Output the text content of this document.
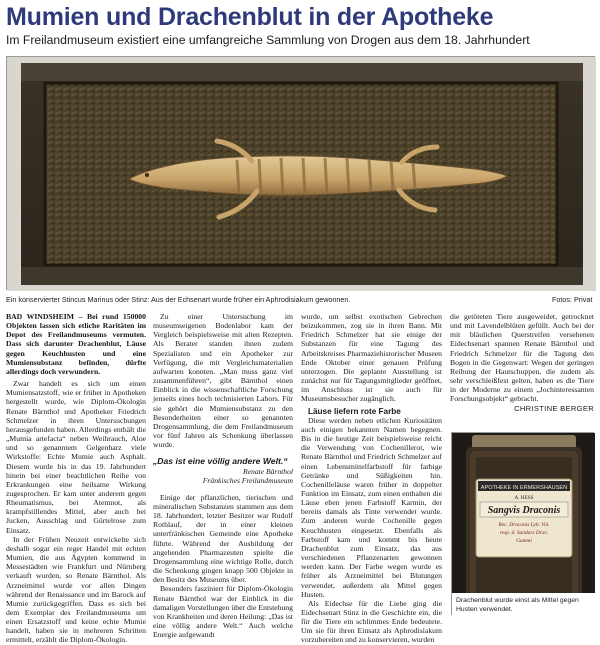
Mumien und Drachenblut in der Apotheke
Im Freilandmuseum existiert eine umfangreiche Sammlung von Drogen aus dem 18. Jahrhundert
Ein konservierter Stincus Marinus oder Stinz: Aus der Echsenart wurde früher ein Aphrodisiakum gewonnen.	Fotos: Privat

BAD WINDSHEIM – Bei rund 150000 Objekten lassen sich etliche Raritäten im Depot des Freilandmuseums vermuten. Dass sich darunter Drachenblut, Läuse gegen Keuchhusten und eine Mumiensubstanz befinden, dürfte allerdings doch verwundern.

Zwar handelt es sich um einen Mumiensatzstoff, wie er früher in Apotheken hergestellt wurde, wie Diplom-Ökologin Renate Bärnthol und Apotheker Friedrich Schmelzer in ihren Untersuchungen herausgefunden haben. Allerdings enthält die „Mumia artefacta“ neben Weihrauch, Aloe und so genanntem Gelgenharz viele Wirkstoffe: Echte Mumie auch Asphalt. Diesem wurde bis in das 19. Jahrhundert hinein bei einer beachtlichen Reihe von Erkrankungen eine heilsame Wirkung zugesprochen. Er kam unter anderem gegen Rheumatismus, bei Atemnot, als krampfstillendes Mittel, aber auch bei Jucken, Ausschlag und Gürtelrose zum Einsatz.

In der Frühen Neuzeit entwickelte sich deshalb sogar ein reger Handel mit echten Mumien, die aus Ägypten kommend in Messestädten wie Frankfurt und Nürnberg verkauft wurden, so Renate Bärnthol. Als Arzneimittel wurde vor allen Dingen während der Renaissance und im Barock auf Mumie zurückgegriffen. Dass es sich bei dem Exemplar des Freilandmuseums um einen Ersatzstoff und keine echte Mumie handelt, haben sie in mehreren Schritten ermittelt, erzählt die Diplom-Ökologin.

Zu einer Untersuchung im museumseigenen Bodenlabor kam der Vergleich beispielsweise mit alten Rezepten. Als Berater standen ihnen zudem Spezialisten und ein Apotheker zur Verfügung, die mit Vergleichsmaterialien aufwarten konnten. „Man muss ganz viel zusammenführen“, gibt Bärnthol einen Einblick in die wissenschaftliche Forschung jenseits eines hoch technisierten Labors. Für sie gehört die Mumiensubstanz zu den Besonderheiten einer so genannten Drogensammlung, die dem Freilandmuseum vor fünf Jahren als Schenkung überlassen wurde.

„Das ist eine völlig andere Welt.“

Renate Bärnthol

Fränkisches Freilandmuseum

Einige der pflanzlichen, tierischen und mineralischen Substanzen stammen aus dem 18. Jahrhundert, letzter Besitzer war Rudolf Rothlauf, der in einer kleinen unterfränkischen Gemeinde eine Apotheke führte. Während der Ausbildung der angehenden Pharmazeuten spielte die Drogensammlung eine wichtige Rolle, durch die Schenkung gingen knapp 500 Objekte in den Besitz des Museums über.

Besonders fasziniert für Diplom-Ökologin Renate Bärnthol war der Einblick in die damaligen Vorstellungen über die Entstehung von Krankheiten und deren Heilung: „Das ist eine völlig andere Welt.“ Auch welche Energie aufgewandt

wurde, um selbst exotischen Gebrechen beizukommen, zog sie in ihren Bann. Mit Friedrich Schmelzer hat sie einige der Substanzen für eine Tagung des Arbeitskreises Pharmaziehistorischer Museen Ende Oktober einer genauen Prüfung unterzogen. Die geplante Ausstellung ist zunächst nur für Tagungsmitglieder geöffnet, im Anschluss ist sie auch für Museumsbesucher zugänglich.

Läuse liefern rote Farbe

Diese werden neben etlichen Kuriositäten auch einigen bekannten Namen begegnen. Bis in die heutige Zeit beispielsweise reicht die Verwendung von Cochenillerot, wie Renate Bärnthol und Friedrich Schmelzer auf einen Lebensmittelfarbstoff für farbige Getränke und Süßigkeiten hin. Cochenilleläuse waren früher in doppelter Funktion im Einsatz, zum einen enthalten die Läuse eben jenen Farbstoff Karmin, der bereits damals als Tinte verwendet wurde. Zum anderen wurde Cochenille gegen Keuchhusten eingesetzt. Ebenfalls als Farbstoff kam und kommt bis heute Drachenblut zum Einsatz, das aus verschiedenen Pflanzenarten gewonnen werden kann. Der Farbe wegen wurde es früher als Arzneimittel bei Blutungen verwendet, außerdem als Mittel gegen Husten.

Als Eidechse für die Liebe ging die Eidechsenart Stinz in die Geschichte ein, die für die Tiere ein schlimmes Ende bedeutete. Um sie für ihren Einsatz als Aphrodisiakum vorzubereiten und zu konservieren, wurden

die getöteten Tiere ausgeweidet, getrocknet und mit Lavendelblüten gefüllt. Auch bei der mit bläulichen Querstreifen versehenen Eidechsenart spannen Renate Bärnthol und Friedrich Schmelzer für die Tagung den Bogen in die Gegenwart: Wegen der geringen Reibung der Hautschuppen, die zudem als sehr verschleißfest gelten, haben es die Tiere in der Moderne zu einem „Jochinteressanten Forschungsobjekt“ gebracht.

CHRISTINE BERGER

APOTHEKE IN ERMERSHAUSEN
A. HESS
Sangvis Draconis
Rec. Draconis Lyb. Vol.
resp. d. Sandars Drac.
Gummi
Drachenblut wurde einst als Mittel gegen
Husten verwendet.
